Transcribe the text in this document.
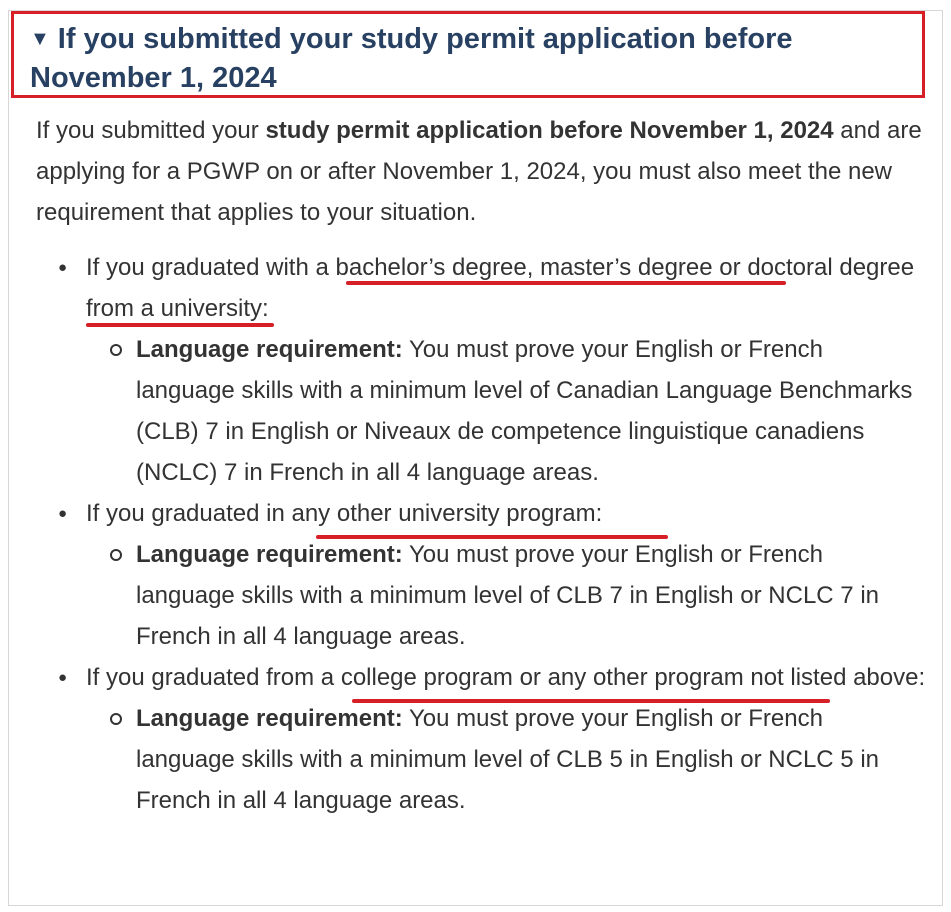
▼ If you submitted your study permit application before November 1, 2024

If you submitted your study permit application before November 1, 2024 and are applying for a PGWP on or after November 1, 2024, you must also meet the new requirement that applies to your situation.

● If you graduated with a bachelor’s degree, master’s degree or doctoral degree from a university:
Language requirement: You must prove your English or French language skills with a minimum level of Canadian Language Benchmarks (CLB) 7 in English or Niveaux de competence linguistique canadiens (NCLC) 7 in French in all 4 language areas.
● If you graduated in any other university program:
Language requirement: You must prove your English or French language skills with a minimum level of CLB 7 in English or NCLC 7 in French in all 4 language areas.
● If you graduated from a college program or any other program not listed above:
Language requirement: You must prove your English or French language skills with a minimum level of CLB 5 in English or NCLC 5 in French in all 4 language areas.
